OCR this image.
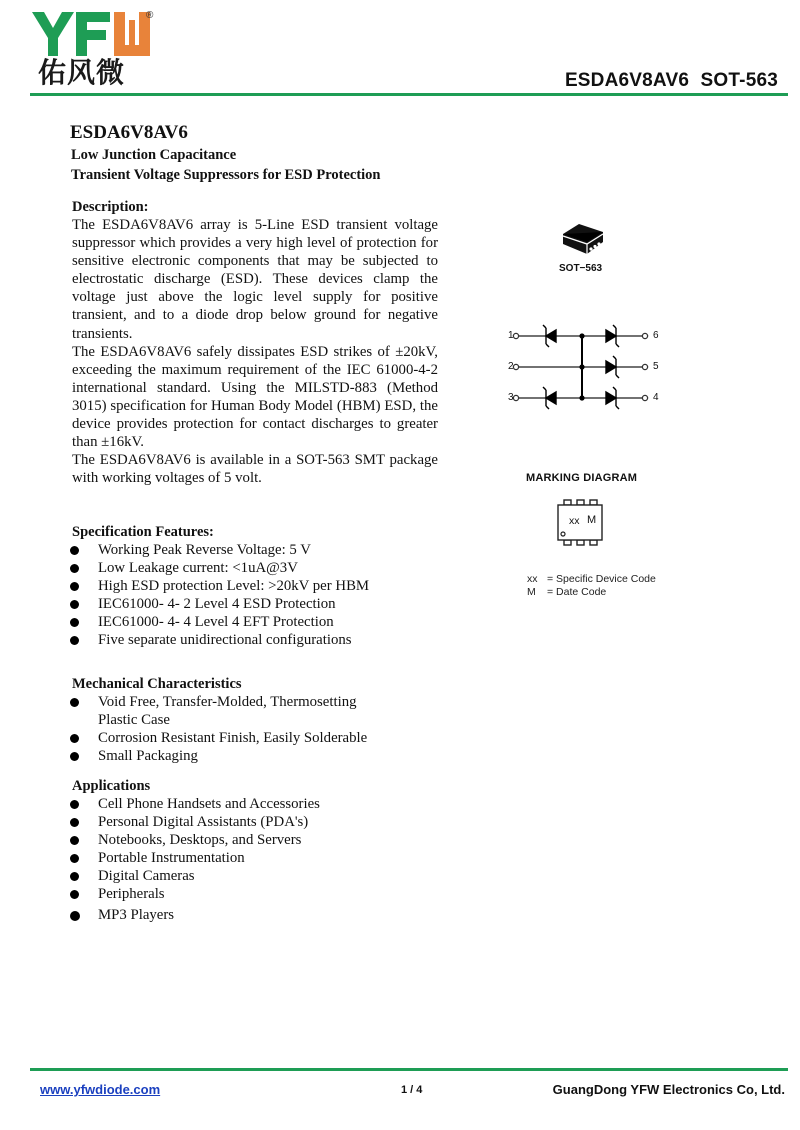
®
佑风微	ESDA6V8AV6 SOT-563
ESDA6V8AV6
Low Junction Capacitance
Transient Voltage Suppressors for ESD Protection
Description:

The ESDA6V8AV6 array is 5-Line ESD transient voltage suppressor which provides a very high level of protection for sensitive electronic components that may be subjected to electrostatic discharge (ESD). These devices clamp the voltage just above the logic level supply for positive transient, and to a diode drop below ground for negative transients.

The ESDA6V8AV6 safely dissipates ESD strikes of ±20kV, exceeding the maximum requirement of the IEC 61000-4-2 international standard. Using the MILSTD-883 (Method 3015) specification for Human Body Model (HBM) ESD, the device provides protection for contact discharges to greater than ±16kV.

The ESDA6V8AV6 is available in a SOT-563 SMT package with working voltages of 5 volt.

Specification Features:
Working Peak Reverse Voltage: 5 V
Low Leakage current: <1uA@3V
High ESD protection Level: >20kV per HBM
IEC61000- 4- 2 Level 4 ESD Protection
IEC61000- 4- 4 Level 4 EFT Protection
Five separate unidirectional configurations
Mechanical Characteristics
Void Free, Transfer-Molded, Thermosetting Plastic Case
Corrosion Resistant Finish, Easily Solderable
Small Packaging
Applications
Cell Phone Handsets and Accessories
Personal Digital Assistants (PDA's)
Notebooks, Desktops, and Servers
Portable Instrumentation
Digital Cameras
Peripherals
MP3 Players
SOT−563
1
2
3
6
5
4
MARKING DIAGRAM
xx M
xx = Specific Device Code
M = Date Code
www.yfwdiode.com	1 / 4	GuangDong YFW Electronics Co, Ltd.
